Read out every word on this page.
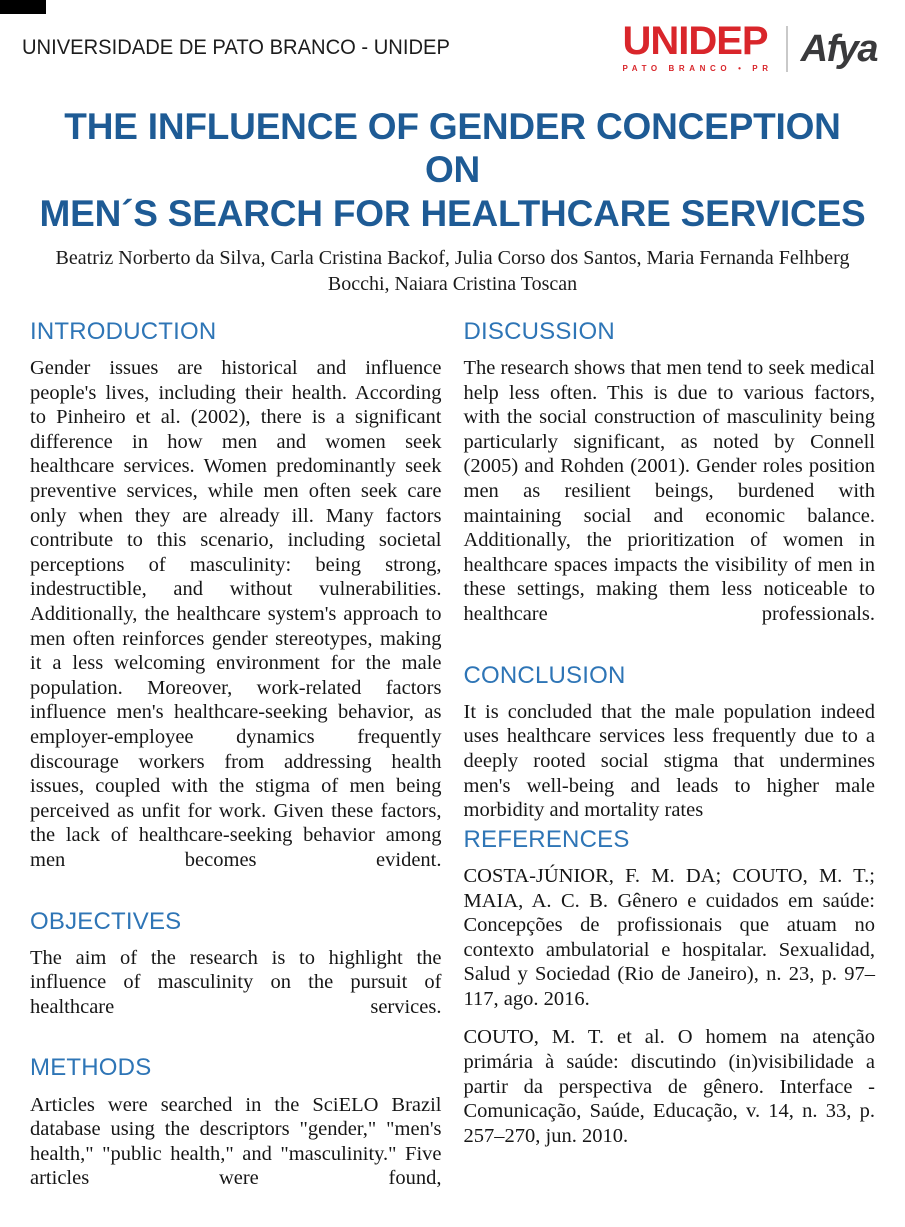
UNIVERSIDADE DE PATO BRANCO - UNIDEP	UNIDEP
PATO BRANCO • PR Afya
THE INFLUENCE OF GENDER CONCEPTION ON
MEN´S SEARCH FOR HEALTHCARE SERVICES
Beatriz Norberto da Silva, Carla Cristina Backof, Julia Corso dos Santos, Maria Fernanda Felhberg Bocchi, Naiara Cristina Toscan
INTRODUCTION

Gender issues are historical and influence people's lives, including their health. According to Pinheiro et al. (2002), there is a significant difference in how men and women seek healthcare services. Women predominantly seek preventive services, while men often seek care only when they are already ill. Many factors contribute to this scenario, including societal perceptions of masculinity: being strong, indestructible, and without vulnerabilities. Additionally, the healthcare system's approach to men often reinforces gender stereotypes, making it a less welcoming environment for the male population. Moreover, work-related factors influence men's healthcare-seeking behavior, as employer-employee dynamics frequently discourage workers from addressing health issues, coupled with the stigma of men being perceived as unfit for work. Given these factors, the lack of healthcare-seeking behavior among men becomes evident.

OBJECTIVES

The aim of the research is to highlight the influence of masculinity on the pursuit of healthcare services.

METHODS

Articles were searched in the SciELO Brazil database using the descriptors "gender," "men's health," "public health," and "masculinity." Five articles were found,

DISCUSSION

The research shows that men tend to seek medical help less often. This is due to various factors, with the social construction of masculinity being particularly significant, as noted by Connell (2005) and Rohden (2001). Gender roles position men as resilient beings, burdened with maintaining social and economic balance. Additionally, the prioritization of women in healthcare spaces impacts the visibility of men in these settings, making them less noticeable to healthcare professionals.

CONCLUSION

It is concluded that the male population indeed uses healthcare services less frequently due to a deeply rooted social stigma that undermines men's well-being and leads to higher male morbidity and mortality rates

REFERENCES

COSTA-JÚNIOR, F. M. DA; COUTO, M. T.; MAIA, A. C. B. Gênero e cuidados em saúde: Concepções de profissionais que atuam no contexto ambulatorial e hospitalar. Sexualidad, Salud y Sociedad (Rio de Janeiro), n. 23, p. 97–117, ago. 2016.

COUTO, M. T. et al. O homem na atenção primária à saúde: discutindo (in)visibilidade a partir da perspectiva de gênero. Interface - Comunicação, Saúde, Educação, v. 14, n. 33, p. 257–270, jun. 2010.
